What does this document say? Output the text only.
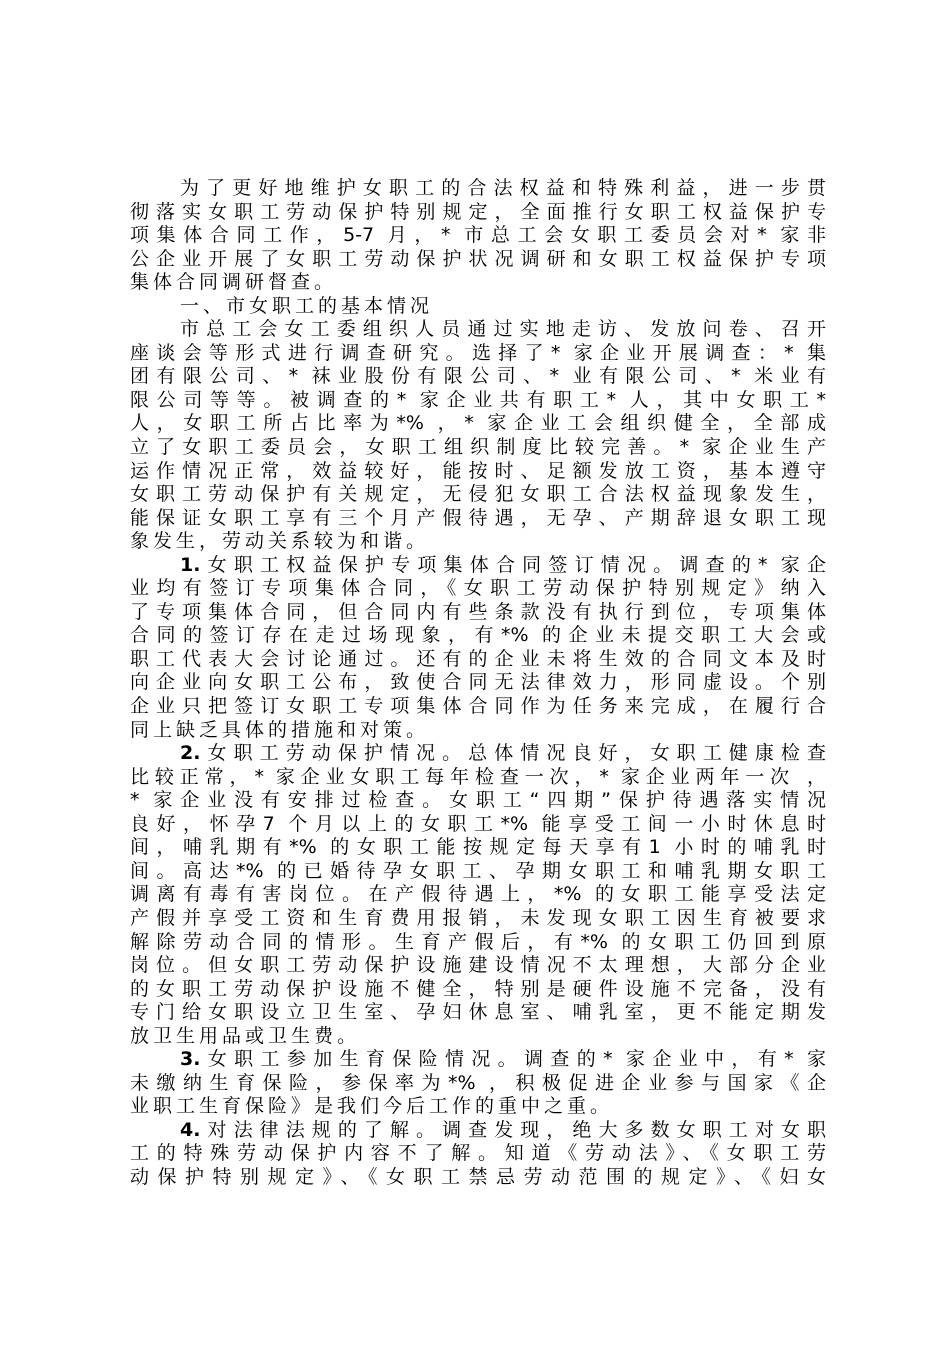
为了更好地维护女职工的合法权益和特殊利益，进一步贯
彻落实女职工劳动保护特别规定，全面推行女职工权益保护专
项集体合同工作，5-7 月，* 市总工会女职工委员会对* 家非
公企业开展了女职工劳动保护状况调研和女职工权益保护专项
集体合同调研督查。
一、市女职工的基本情况
市总工会女工委组织人员通过实地走访、发放问卷、召开
座谈会等形式进行调查研究。选择了* 家企业开展调查：* 集
团有限公司、* 袜业股份有限公司、* 业有限公司、* 米业有
限公司等等。被调查的* 家企业共有职工* 人，其中女职工*
人，女职工所占比率为*% ，* 家企业工会组织健全，全部成
立了女职工委员会，女职工组织制度比较完善。* 家企业生产
运作情况正常，效益较好，能按时、足额发放工资，基本遵守
女职工劳动保护有关规定，无侵犯女职工合法权益现象发生，
能保证女职工享有三个月产假待遇，无孕、产期辞退女职工现
象发生，劳动关系较为和谐。
1.女职工权益保护专项集体合同签订情况。调查的* 家企
业均有签订专项集体合同，《女职工劳动保护特别规定》纳入
了专项集体合同，但合同内有些条款没有执行到位，专项集体
合同的签订存在走过场现象，有*% 的企业未提交职工大会或
职工代表大会讨论通过。还有的企业未将生效的合同文本及时
向企业向女职工公布，致使合同无法律效力，形同虚设。个别
企业只把签订女职工专项集体合同作为任务来完成，在履行合
同上缺乏具体的措施和对策。
2.女职工劳动保护情况。总体情况良好，女职工健康检查
比较正常，* 家企业女职工每年检查一次，* 家企业两年一次 ，
* 家企业没有安排过检查。女职工“四期”保护待遇落实情况
良好，怀孕7 个月以上的女职工*% 能享受工间一小时休息时
间，哺乳期有*% 的女职工能按规定每天享有1 小时的哺乳时
间。高达*% 的已婚待孕女职工、孕期女职工和哺乳期女职工
调离有毒有害岗位。在产假待遇上，*% 的女职工能享受法定
产假并享受工资和生育费用报销，未发现女职工因生育被要求
解除劳动合同的情形。生育产假后，有*% 的女职工仍回到原
岗位。但女职工劳动保护设施建设情况不太理想，大部分企业
的女职工劳动保护设施不健全，特别是硬件设施不完备，没有
专门给女职设立卫生室、孕妇休息室、哺乳室，更不能定期发
放卫生用品或卫生费。
3.女职工参加生育保险情况。调查的* 家企业中，有* 家
未缴纳生育保险，参保率为*% ，积极促进企业参与国家《企
业职工生育保险》是我们今后工作的重中之重。
4.对法律法规的了解。调查发现，绝大多数女职工对女职
工的特殊劳动保护内容不了解。知道《劳动法》、《女职工劳
动保护特别规定》、《女职工禁忌劳动范围的规定》、《妇女
